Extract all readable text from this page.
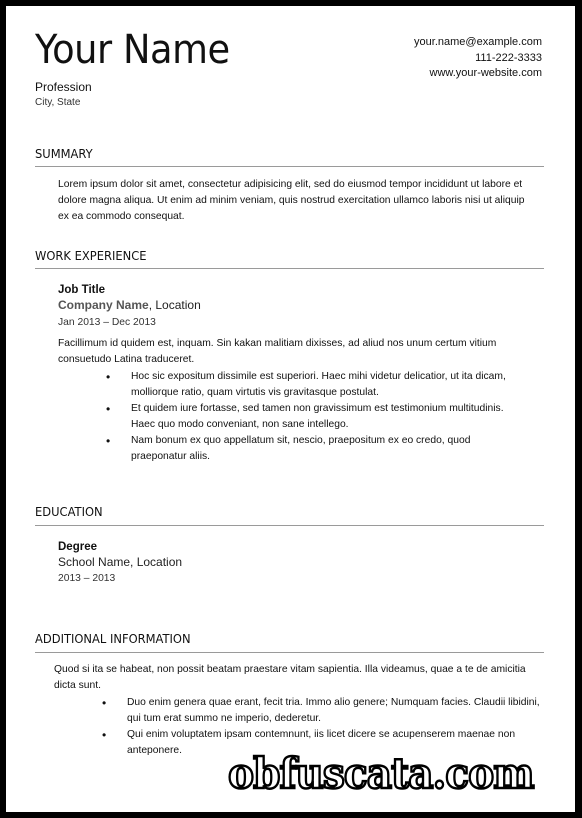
Your Name
Profession
City, State
your.name@example.com
111-222-3333
www.your-website.com
SUMMARY
Lorem ipsum dolor sit amet, consectetur adipisicing elit, sed do eiusmod tempor incididunt ut labore et dolore magna aliqua. Ut enim ad minim veniam, quis nostrud exercitation ullamco laboris nisi ut aliquip ex ea commodo consequat.
WORK EXPERIENCE
Job Title
Company Name, Location
Jan 2013 – Dec 2013
Facillimum id quidem est, inquam. Sin kakan malitiam dixisses, ad aliud nos unum certum vitium consuetudo Latina traduceret.
• Hoc sic expositum dissimile est superiori. Haec mihi videtur delicatior, ut ita dicam, molliorque ratio, quam virtutis vis gravitasque postulat.
• Et quidem iure fortasse, sed tamen non gravissimum est testimonium multitudinis. Haec quo modo conveniant, non sane intellego.
• Nam bonum ex quo appellatum sit, nescio, praepositum ex eo credo, quod praeponatur aliis.
EDUCATION
Degree
School Name, Location
2013 – 2013
ADDITIONAL INFORMATION
Quod si ita se habeat, non possit beatam praestare vitam sapientia. Illa videamus, quae a te de amicitia dicta sunt.
• Duo enim genera quae erant, fecit tria. Immo alio genere; Numquam facies. Claudii libidini, qui tum erat summo ne imperio, dederetur.
• Qui enim voluptatem ipsam contemnunt, iis licet dicere se acupenserem maenae non anteponere.	obfuscata.com
